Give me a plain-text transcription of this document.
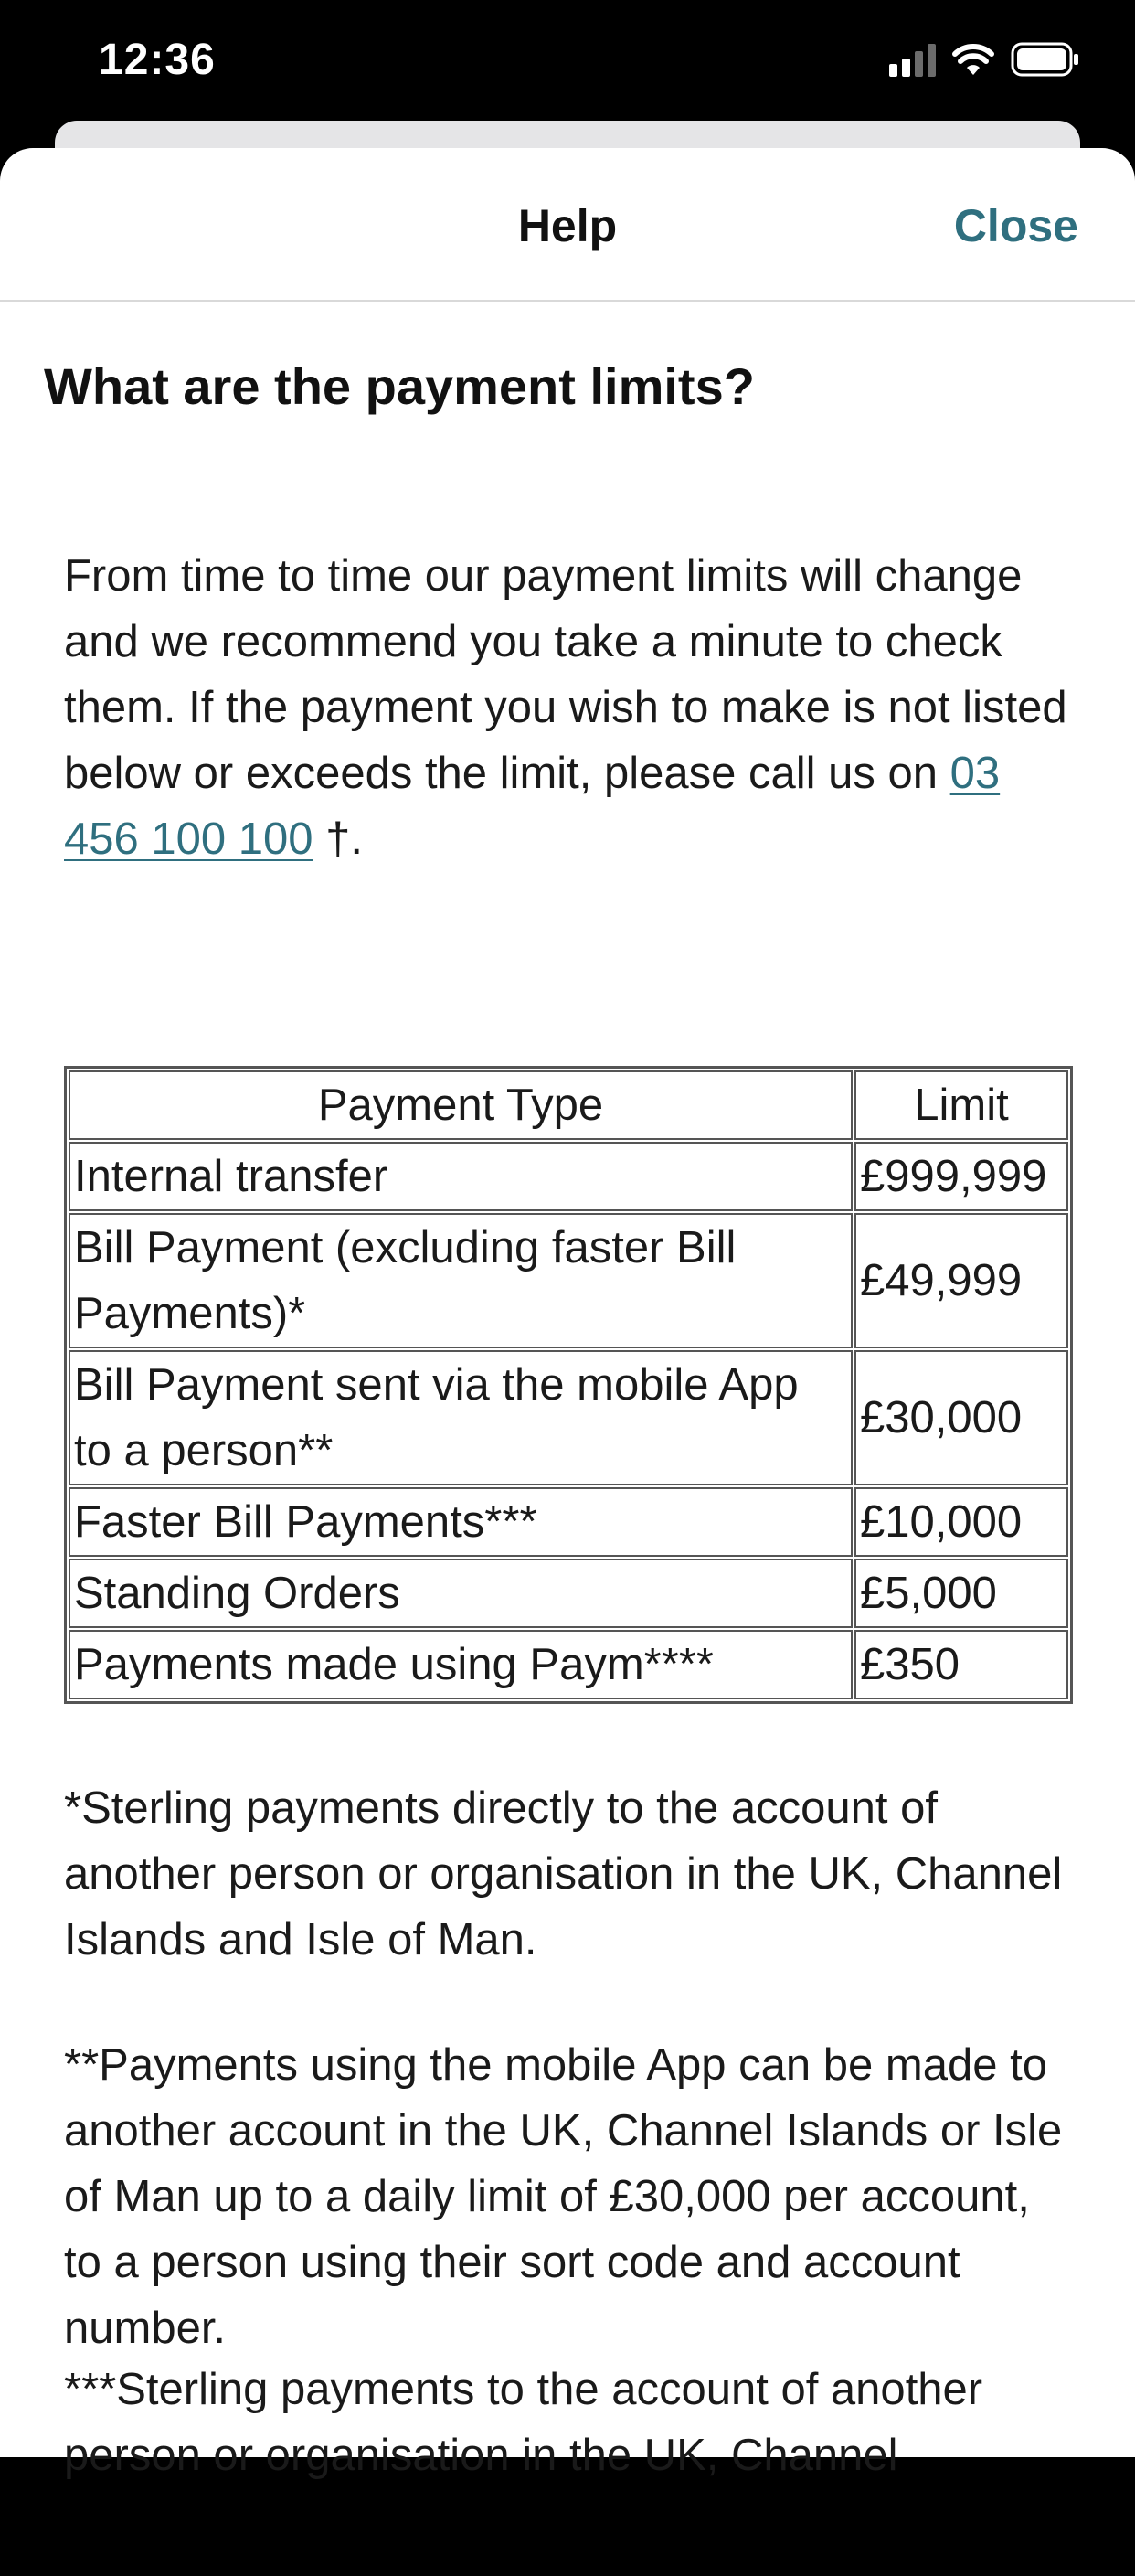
12:36
Help	Close
What are the payment limits?

From time to time our payment limits will change and we recommend you take a minute to check them. If the payment you wish to make is not listed below or exceeds the limit, please call us on 03 456 100 100 †.

Payment Type	Limit
Internal transfer	£999,999
Bill Payment (excluding faster Bill Payments)*	£49,999
Bill Payment sent via the mobile App to a person**	£30,000
Faster Bill Payments***	£10,000
Standing Orders	£5,000
Payments made using Paym****	£350

*Sterling payments directly to the account of another person or organisation in the UK, Channel Islands and Isle of Man.

**Payments using the mobile App can be made to another account in the UK, Channel Islands or Isle of Man up to a daily limit of £30,000 per account, to a person using their sort code and account number.

***Sterling payments to the account of another person or organisation in the UK, Channel
